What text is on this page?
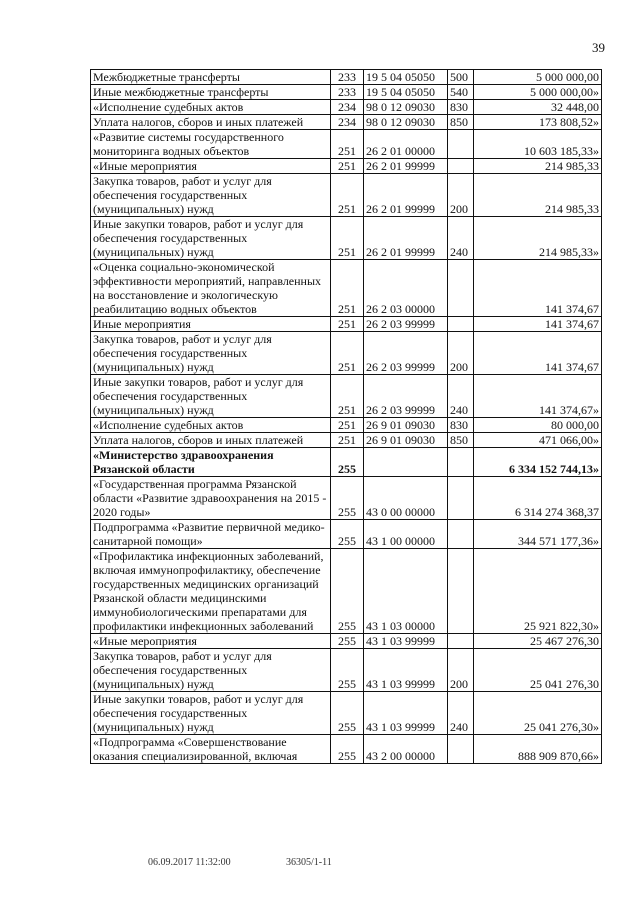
39
Межбюджетные трансферты	233	19 5 04 05050	500	5 000 000,00
Иные межбюджетные трансферты	233	19 5 04 05050	540	5 000 000,00»
«Исполнение судебных актов	234	98 0 12 09030	830	32 448,00
Уплата налогов, сборов и иных платежей	234	98 0 12 09030	850	173 808,52»
«Развитие системы государственного мониторинга водных объектов	251	26 2 01 00000		10 603 185,33»
«Иные мероприятия	251	26 2 01 99999		214 985,33
Закупка товаров, работ и услуг для обеспечения государственных (муниципальных) нужд	251	26 2 01 99999	200	214 985,33
Иные закупки товаров, работ и услуг для обеспечения государственных (муниципальных) нужд	251	26 2 01 99999	240	214 985,33»
«Оценка социально-экономической эффективности мероприятий, направленных на восстановление и экологическую реабилитацию водных объектов	251	26 2 03 00000		141 374,67
Иные мероприятия	251	26 2 03 99999		141 374,67
Закупка товаров, работ и услуг для обеспечения государственных (муниципальных) нужд	251	26 2 03 99999	200	141 374,67
Иные закупки товаров, работ и услуг для обеспечения государственных (муниципальных) нужд	251	26 2 03 99999	240	141 374,67»
«Исполнение судебных актов	251	26 9 01 09030	830	80 000,00
Уплата налогов, сборов и иных платежей	251	26 9 01 09030	850	471 066,00»
«Министерство здравоохранения Рязанской области	255			6 334 152 744,13»
«Государственная программа Рязанской области «Развитие здравоохранения на 2015 - 2020 годы»	255	43 0 00 00000		6 314 274 368,37
Подпрограмма «Развитие первичной медико-санитарной помощи»	255	43 1 00 00000		344 571 177,36»
«Профилактика инфекционных заболеваний, включая иммунопрофилактику, обеспечение государственных медицинских организаций Рязанской области медицинскими иммунобиологическими препаратами для профилактики инфекционных заболеваний	255	43 1 03 00000		25 921 822,30»
«Иные мероприятия	255	43 1 03 99999		25 467 276,30
Закупка товаров, работ и услуг для обеспечения государственных (муниципальных) нужд	255	43 1 03 99999	200	25 041 276,30
Иные закупки товаров, работ и услуг для обеспечения государственных (муниципальных) нужд	255	43 1 03 99999	240	25 041 276,30»
«Подпрограмма «Совершенствование оказания специализированной, включая	255	43 2 00 00000		888 909 870,66»
06.09.2017 11:32:00	36305/1-11
